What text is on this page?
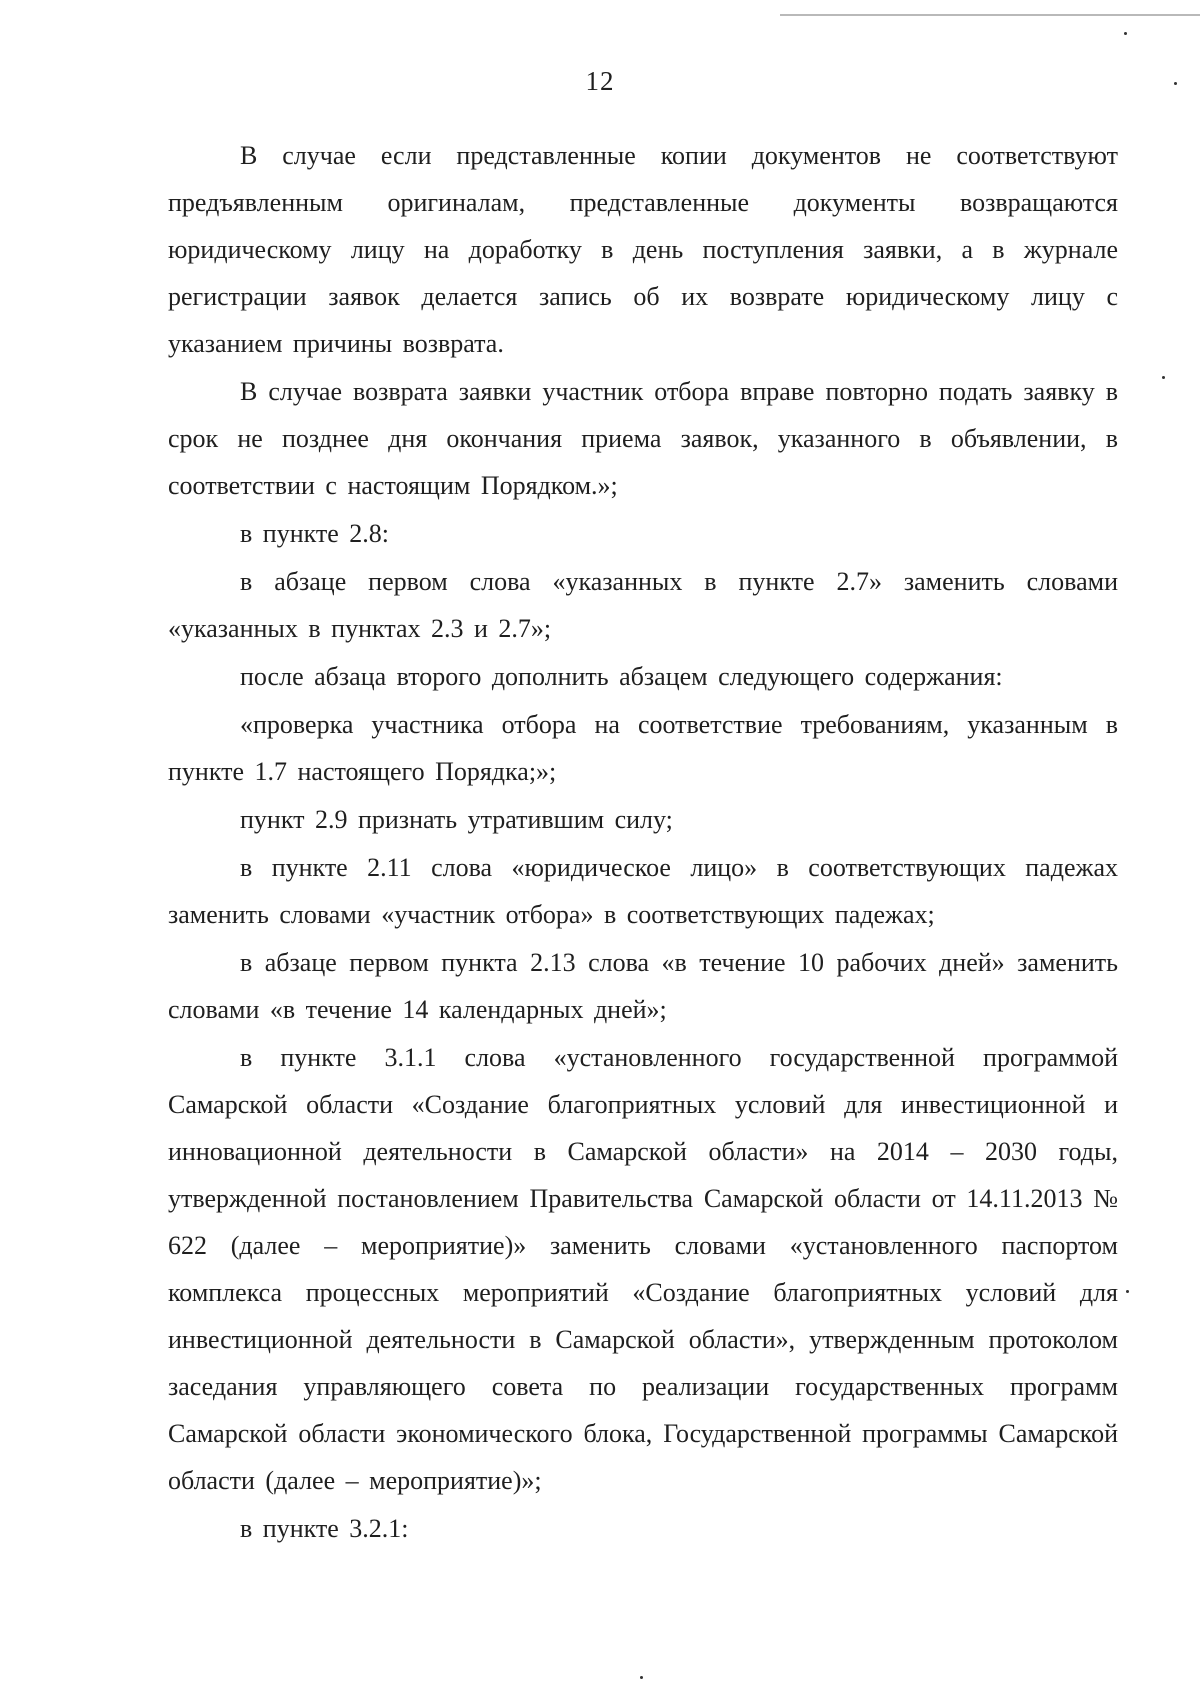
12

В случае если представленные копии документов не соответствуют предъявленным оригиналам, представленные документы возвращаются юридическому лицу на доработку в день поступления заявки, а в журнале регистрации заявок делается запись об их возврате юридическому лицу с указанием причины возврата.

В случае возврата заявки участник отбора вправе повторно подать заявку в срок не позднее дня окончания приема заявок, указанного в объявлении, в соответствии с настоящим Порядком.»;

в пункте 2.8:

в абзаце первом слова «указанных в пункте 2.7» заменить словами «указанных в пунктах 2.3 и 2.7»;

после абзаца второго дополнить абзацем следующего содержания:

«проверка участника отбора на соответствие требованиям, указанным в пункте 1.7 настоящего Порядка;»;

пункт 2.9 признать утратившим силу;

в пункте 2.11 слова «юридическое лицо» в соответствующих падежах заменить словами «участник отбора» в соответствующих падежах;

в абзаце первом пункта 2.13 слова «в течение 10 рабочих дней» заменить словами «в течение 14 календарных дней»;

в пункте 3.1.1 слова «установленного государственной программой Самарской области «Создание благоприятных условий для инвестиционной и инновационной деятельности в Самарской области» на 2014 – 2030 годы, утвержденной постановлением Правительства Самарской области от 14.11.2013 № 622 (далее – мероприятие)» заменить словами «установленного паспортом комплекса процессных мероприятий «Создание благоприятных условий для инвестиционной деятельности в Самарской области», утвержденным протоколом заседания управляющего совета по реализации государственных программ Самарской области экономического блока, Государственной программы Самарской области (далее – мероприятие)»;

в пункте 3.2.1:
